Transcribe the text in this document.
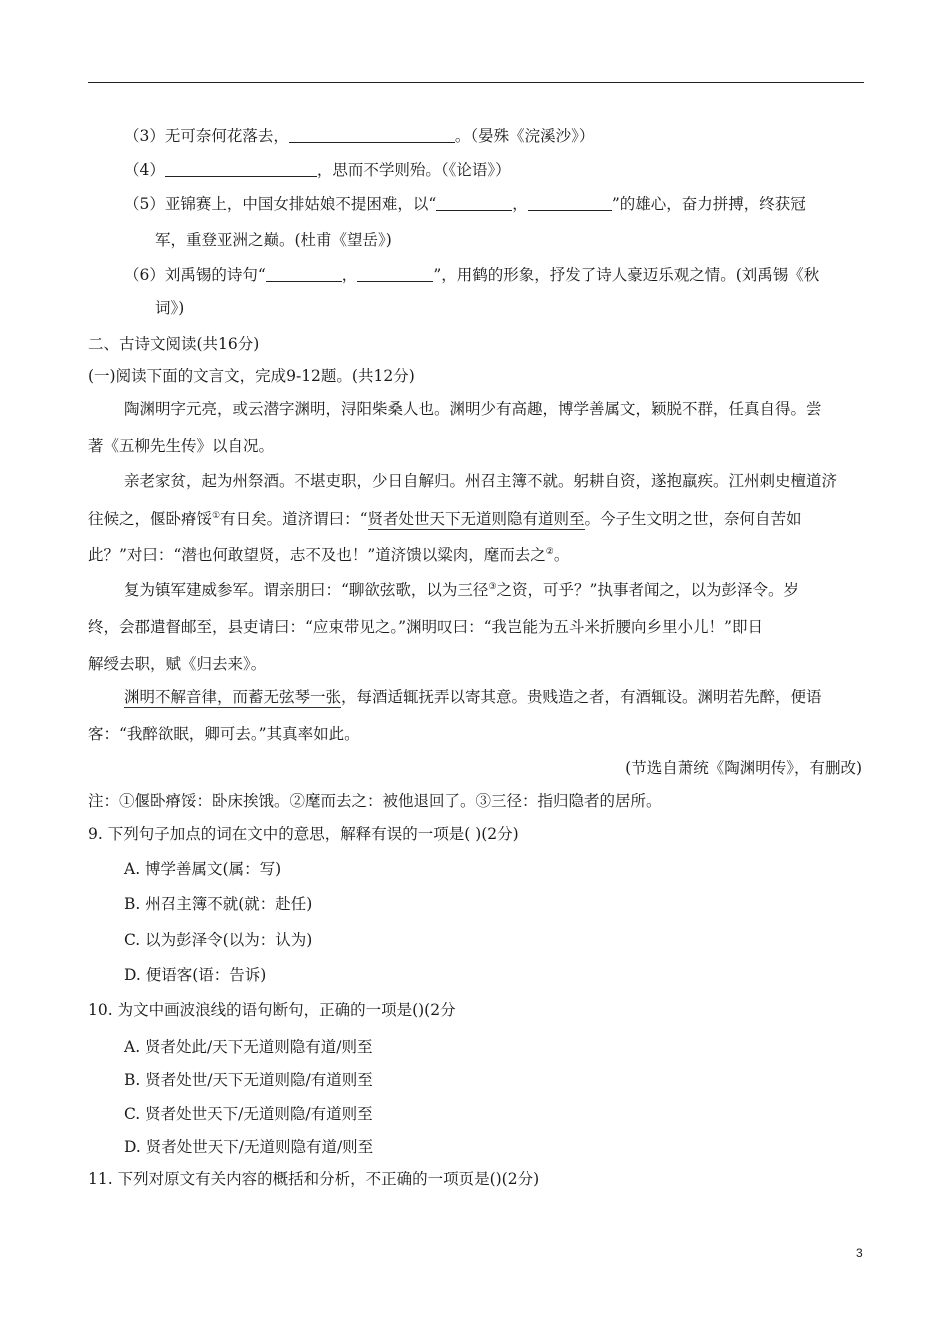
（3）无可奈何花落去，	。（晏殊《浣溪沙》）
（4）	，思而不学则殆。（《论语》）
（5）亚锦赛上，中国女排姑娘不提困难，以“	，	”的雄心，奋力拼搏，终获冠
军，重登亚洲之巅。(杜甫《望岳》)
（6）刘禹锡的诗句“	，	”，用鹤的形象，抒发了诗人豪迈乐观之情。(刘禹锡《秋
词》)
二、古诗文阅读(共16分)
(一)阅读下面的文言文，完成9-12题。(共12分)
陶渊明字元亮，或云潜字渊明，浔阳柴桑人也。渊明少有高趣，博学善属文，颖脱不群，任真自得。尝
著《五柳先生传》以自况。
亲老家贫，起为州祭酒。不堪吏职，少日自解归。州召主簿不就。躬耕自资，遂抱羸疾。江州刺史檀道济
往候之，偃卧瘠馁①有日矣。道济谓曰：“贤者处世天下无道则隐有道则至。今子生文明之世，奈何自苦如
此？”对曰：“潜也何敢望贤，志不及也！”道济馈以粱肉，麾而去之②。
复为镇军建威参军。谓亲朋曰：“聊欲弦歌，以为三径③之资，可乎？”执事者闻之，以为彭泽令。岁
终，会郡遣督邮至，县吏请曰：“应束带见之。”渊明叹曰：“我岂能为五斗米折腰向乡里小儿！”即日
解绶去职，赋《归去来》。
渊明不解音律，而蓄无弦琴一张，每酒适辄抚弄以寄其意。贵贱造之者，有酒辄设。渊明若先醉，便语
客：“我醉欲眠，卿可去。”其真率如此。
(节选自萧统《陶渊明传》，有删改)
注：①偃卧瘠馁：卧床挨饿。②麾而去之：被他退回了。③三径：指归隐者的居所。
9. 下列句子加点的词在文中的意思，解释有误的一项是( )(2分)
A. 博学善属文(属：写)
B. 州召主簿不就(就：赴任)
C. 以为彭泽令(以为：认为)
D. 便语客(语：告诉)
10. 为文中画波浪线的语句断句，正确的一项是()(2分
A. 贤者处此/天下无道则隐有道/则至
B. 贤者处世/天下无道则隐/有道则至
C. 贤者处世天下/无道则隐/有道则至
D. 贤者处世天下/无道则隐有道/则至
11. 下列对原文有关内容的概括和分析，不正确的一项页是()(2分)
3
